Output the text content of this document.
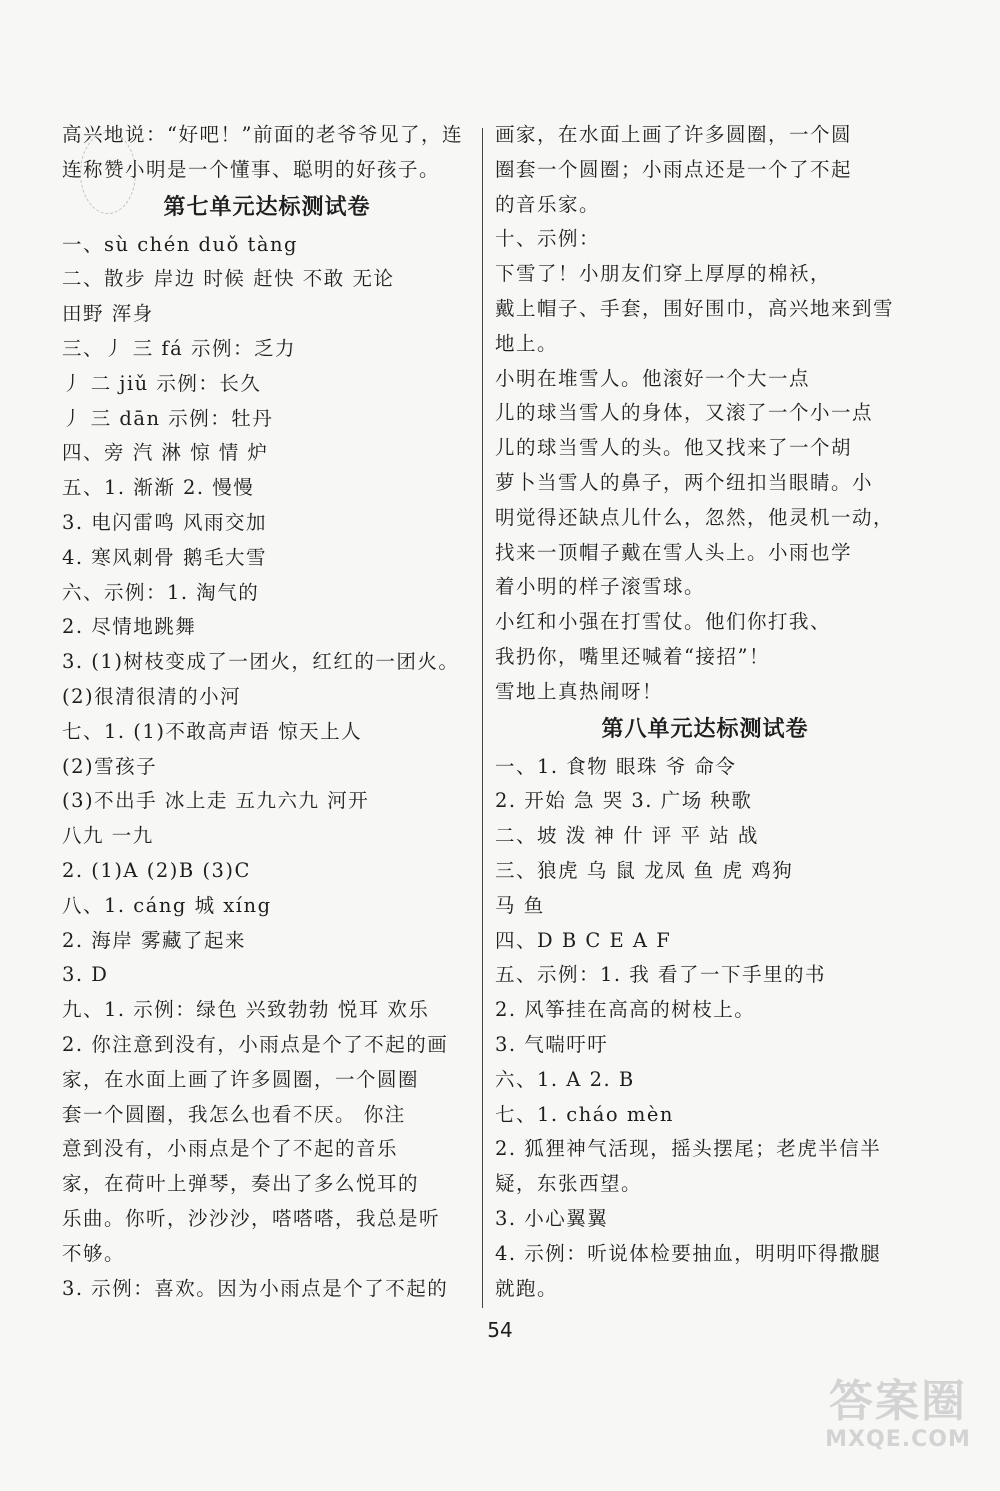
高兴地说：“好吧！”前面的老爷爷见了，连
连称赞小明是一个懂事、聪明的好孩子。
第七单元达标测试卷
一、sù chén duǒ tàng
二、散步 岸边 时候 赶快 不敢 无论
田野 浑身
三、丿 三 fá 示例：乏力
丿 二 jiǔ 示例：长久
丿 三 dān 示例：牡丹
四、旁 汽 淋 惊 情 炉
五、1. 渐渐 2. 慢慢
3. 电闪雷鸣 风雨交加
4. 寒风刺骨 鹅毛大雪
六、示例：1. 淘气的
2. 尽情地跳舞
3. (1)树枝变成了一团火，红红的一团火。
(2)很清很清的小河
七、1. (1)不敢高声语 惊天上人
(2)雪孩子
(3)不出手 冰上走 五九六九 河开
八九 一九
2. (1)A (2)B (3)C
八、1. cáng 城 xíng
2. 海岸 雾藏了起来
3. D
九、1. 示例：绿色 兴致勃勃 悦耳 欢乐
2. 你注意到没有，小雨点是个了不起的画
家，在水面上画了许多圆圈，一个圆圈
套一个圆圈，我怎么也看不厌。 你注
意到没有，小雨点是个了不起的音乐
家，在荷叶上弹琴，奏出了多么悦耳的
乐曲。你听，沙沙沙，嗒嗒嗒，我总是听
不够。
3. 示例：喜欢。因为小雨点是个了不起的
画家，在水面上画了许多圆圈，一个圆
圈套一个圆圈；小雨点还是一个了不起
的音乐家。
十、示例：
下雪了！小朋友们穿上厚厚的棉袄，
戴上帽子、手套，围好围巾，高兴地来到雪
地上。
小明在堆雪人。他滚好一个大一点
儿的球当雪人的身体，又滚了一个小一点
儿的球当雪人的头。他又找来了一个胡
萝卜当雪人的鼻子，两个纽扣当眼睛。小
明觉得还缺点儿什么，忽然，他灵机一动，
找来一顶帽子戴在雪人头上。小雨也学
着小明的样子滚雪球。
小红和小强在打雪仗。他们你打我、
我扔你，嘴里还喊着“接招”！
雪地上真热闹呀！
第八单元达标测试卷
一、1. 食物 眼珠 爷 命令
2. 开始 急 哭 3. 广场 秧歌
二、坡 泼 神 什 评 平 站 战
三、狼虎 乌 鼠 龙凤 鱼 虎 鸡狗
马 鱼
四、D B C E A F
五、示例：1. 我 看了一下手里的书
2. 风筝挂在高高的树枝上。
3. 气喘吁吁
六、1. A 2. B
七、1. cháo mèn
2. 狐狸神气活现，摇头摆尾；老虎半信半
疑，东张西望。
3. 小心翼翼
4. 示例：听说体检要抽血，明明吓得撒腿
就跑。
54
答案圈
MXQE.COM
